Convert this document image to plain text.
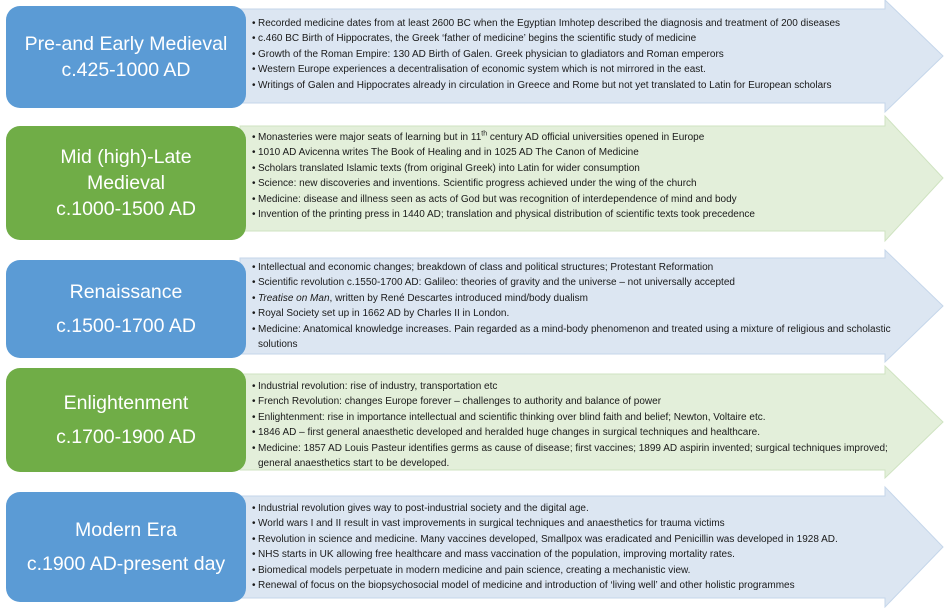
Pre-and Early Medieval
c.425-1000 AD
• Recorded medicine dates from at least 2600 BC when the Egyptian Imhotep described the diagnosis and treatment of 200 diseases
• c.460 BC Birth of Hippocrates, the Greek ‘father of medicine’ begins the scientific study of medicine
• Growth of the Roman Empire: 130 AD Birth of Galen. Greek physician to gladiators and Roman emperors
• Western Europe experiences a decentralisation of economic system which is not mirrored in the east.
• Writings of Galen and Hippocrates already in circulation in Greece and Rome but not yet translated to Latin for European scholars
Mid (high)-Late
Medieval
c.1000-1500 AD
• Monasteries were major seats of learning but in 11th century AD official universities opened in Europe
• 1010 AD Avicenna writes The Book of Healing and in 1025 AD The Canon of Medicine
• Scholars translated Islamic texts (from original Greek) into Latin for wider consumption
• Science: new discoveries and inventions. Scientific progress achieved under the wing of the church
• Medicine: disease and illness seen as acts of God but was recognition of interdependence of mind and body
• Invention of the printing press in 1440 AD; translation and physical distribution of scientific texts took precedence
Renaissance
c.1500-1700 AD
• Intellectual and economic changes; breakdown of class and political structures; Protestant Reformation
• Scientific revolution c.1550-1700 AD: Galileo: theories of gravity and the universe – not universally accepted
• Treatise on Man, written by René Descartes introduced mind/body dualism
• Royal Society set up in 1662 AD by Charles II in London.
• Medicine: Anatomical knowledge increases. Pain regarded as a mind-body phenomenon and treated using a mixture of religious and scholastic solutions
Enlightenment
c.1700-1900 AD
• Industrial revolution: rise of industry, transportation etc
• French Revolution: changes Europe forever – challenges to authority and balance of power
• Enlightenment: rise in importance intellectual and scientific thinking over blind faith and belief; Newton, Voltaire etc.
• 1846 AD – first general anaesthetic developed and heralded huge changes in surgical techniques and healthcare.
• Medicine: 1857 AD Louis Pasteur identifies germs as cause of disease; first vaccines; 1899 AD aspirin invented; surgical techniques improved; general anaesthetics start to be developed.
Modern Era
c.1900 AD-present day
• Industrial revolution gives way to post-industrial society and the digital age.
• World wars I and II result in vast improvements in surgical techniques and anaesthetics for trauma victims
• Revolution in science and medicine. Many vaccines developed, Smallpox was eradicated and Penicillin was developed in 1928 AD.
• NHS starts in UK allowing free healthcare and mass vaccination of the population, improving mortality rates.
• Biomedical models perpetuate in modern medicine and pain science, creating a mechanistic view.
• Renewal of focus on the biopsychosocial model of medicine and introduction of ‘living well’ and other holistic programmes
